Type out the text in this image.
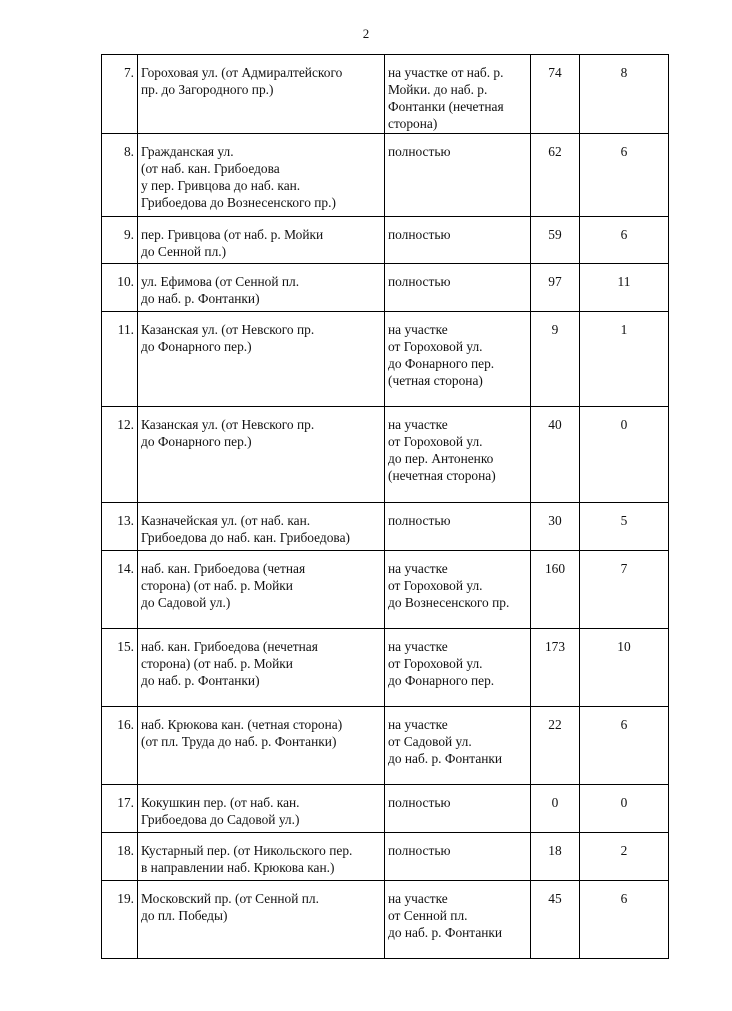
2
7.	Гороховая ул. (от Адмиралтейского
пр. до Загородного пр.)	на участке от наб. р.
Мойки. до наб. р.
Фонтанки (нечетная
сторона)	74	8
8.	Гражданская ул.
(от наб. кан. Грибоедова
у пер. Гривцова до наб. кан.
Грибоедова до Вознесенского пр.)	полностью	62	6
9.	пер. Гривцова (от наб. р. Мойки
до Сенной пл.)	полностью	59	6
10.	ул. Ефимова (от Сенной пл.
до наб. р. Фонтанки)	полностью	97	11
11.	Казанская ул. (от Невского пр.
до Фонарного пер.)	на участке
от Гороховой ул.
до Фонарного пер.
(четная сторона)	9	1
12.	Казанская ул. (от Невского пр.
до Фонарного пер.)	на участке
от Гороховой ул.
до пер. Антоненко
(нечетная сторона)	40	0
13.	Казначейская ул. (от наб. кан.
Грибоедова до наб. кан. Грибоедова)	полностью	30	5
14.	наб. кан. Грибоедова (четная
сторона) (от наб. р. Мойки
до Садовой ул.)	на участке
от Гороховой ул.
до Вознесенского пр.	160	7
15.	наб. кан. Грибоедова (нечетная
сторона) (от наб. р. Мойки
до наб. р. Фонтанки)	на участке
от Гороховой ул.
до Фонарного пер.	173	10
16.	наб. Крюкова кан. (четная сторона)
(от пл. Труда до наб. р. Фонтанки)	на участке
от Садовой ул.
до наб. р. Фонтанки	22	6
17.	Кокушкин пер. (от наб. кан.
Грибоедова до Садовой ул.)	полностью	0	0
18.	Кустарный пер. (от Никольского пер.
в направлении наб. Крюкова кан.)	полностью	18	2
19.	Московский пр. (от Сенной пл.
до пл. Победы)	на участке
от Сенной пл.
до наб. р. Фонтанки	45	6
